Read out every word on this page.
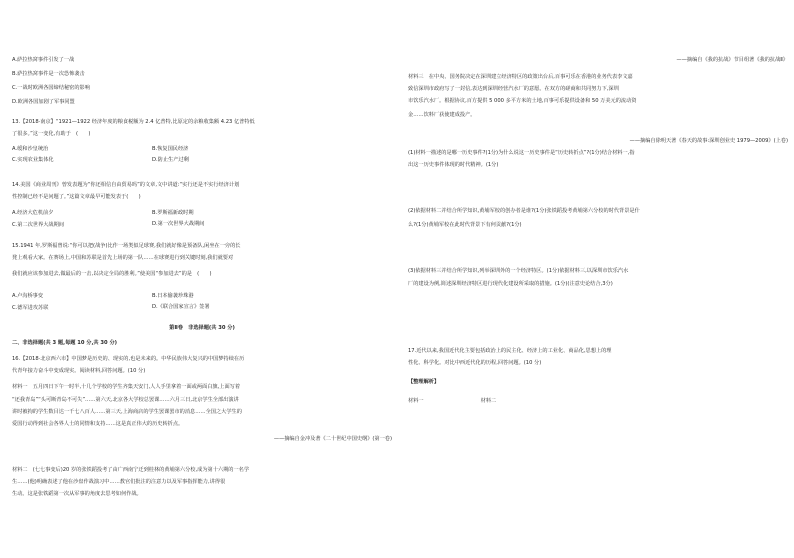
A.萨拉热窝事件引发了一战
B.萨拉热窝事件是一次恐怖袭击
C.一战时欧洲各国缔结秘密的影响
D.欧洲各国加剧了军事同盟
13.【2018·南京】“1921—1922 经济年度的粮食税额为 2.4 亿普特,比原定的余粮收集额 4.23 亿普特低
了很多。”这一变化,有助于　(　　)
A.缓和沙皇统治
C.实现农业集体化
14.美国《商业周刊》曾发表题为“你还相信自由贸易吗”的文章,文中讲道:“实行还是不实行经济计划
性控制已经不是问题了。”这篇文章最早可能发表于(　　)
A.经济大危机前夕
C.第二次世界大战期间
15.1941 年,罗斯福曾说:“你可以把(战争)比作一场类似足球赛,我们就好像是预备队,闲坐在一旁的长
凳上观看大家。在赛场上,中国和苏联是首先上场的第一队……在球赛进行到关键时刻,我们就要对
我们就应该参加进去,做最后的一击,以决定全局的胜利。”使美国“参加进去”的是　(　　)
A.卢沟桥事变
C.德军进攻苏联
第Ⅱ卷　非选择题(共 30 分)
二、非选择题(共 3 题,每题 10 分,共 30 分)
16.【2018·北京西六市】中国梦是历史的、现实的,也是未来的。中华民族伟大复兴的中国梦持续在历
代青年接力奋斗中变成现实。阅读材料,回答问题。(10 分)
材料一　五月四日下午一时半,十几个学校的学生齐集天安门,人人手里拿着一面或两面白旗,上面写着
“还我青岛”“头可断青岛不可失”……第六天,北京各大学校总罢课……六月三日,北京学生全部出演讲
讲时被拘的学生数目达一千七八百人……第三天,上海商店的学生罢课罢市的消息……全国之大学生的
爱国行动得到社会各界人士的同情和支持……这是真正伟大的历史转折点。
——摘编自金冲及著《二十世纪中国史纲》(第一卷)
材料二　(七七事变后)20 岁的张铁蹈投考了由广西南宁迁到桂林的黄埔第六分校,成为第十六期的一名学
生……(他)明确表述了他在沙盘作战演习中……教官们批注的注意力以及军事指挥能力,讲得很
生动。这是张铁蹈第一次从军事的角度去思考如何作战。
B.恢复国民经济
D.防止生产过剩
B.罗斯福新政时期
D.第一次世界大战期间
B.日本偷袭珍珠港
D.《联合国家宣言》签署
——摘编自《我的抗战》节目组著《我的抗战Ⅱ》
材料三　在中央、国务院决定在深圳建立经济特区的政策出台后,百事可乐在香港的业务代表李文嘉
致信深圳市政府写了一封信,表达到深圳经营汽水厂的意愿。在双方的磋商和共同努力下,深圳
市饮乐汽水厂。根据协议,百方提供 5 000 多平方米的土地,百事可乐提供设备和 50 万美元的流动资
金……饮料厂获使建成投产。
——摘编自徐明天著《春天的故事:深圳创业史 1979—2009》(上卷)
(1)材料一描述的是哪一历史事件?(1分)为什么说这一历史事件是“历史转折点”?(1分)结合材料一,指
出这一历史事件体现的时代精神。(1分)
(2)依据材料二并结合所学知识,黄埔军校的创办者是谁?(1分)张铁蹈投考黄埔第六分校的时代背景是什
么?(1分)黄埔军校在此时代背景下有何贡献?(1分)
(3)依据材料三并结合所学知识,列举深圳外的一个经济特区。(1分)依据材料三,以深圳市饮乐汽水
厂的建设为例,简述深圳经济特区进行现代化建设所采取的措施。(1分)(注意史论结合,3分)
17.近代以来,我国近代化主要包括政治上的民主化、经济上的工业化、商品化,思想上的理
性化、科学化。对比中西近代化的历程,回答问题。(10 分)
【整理解析】
材料一　　　　　　　　　　　材料二
